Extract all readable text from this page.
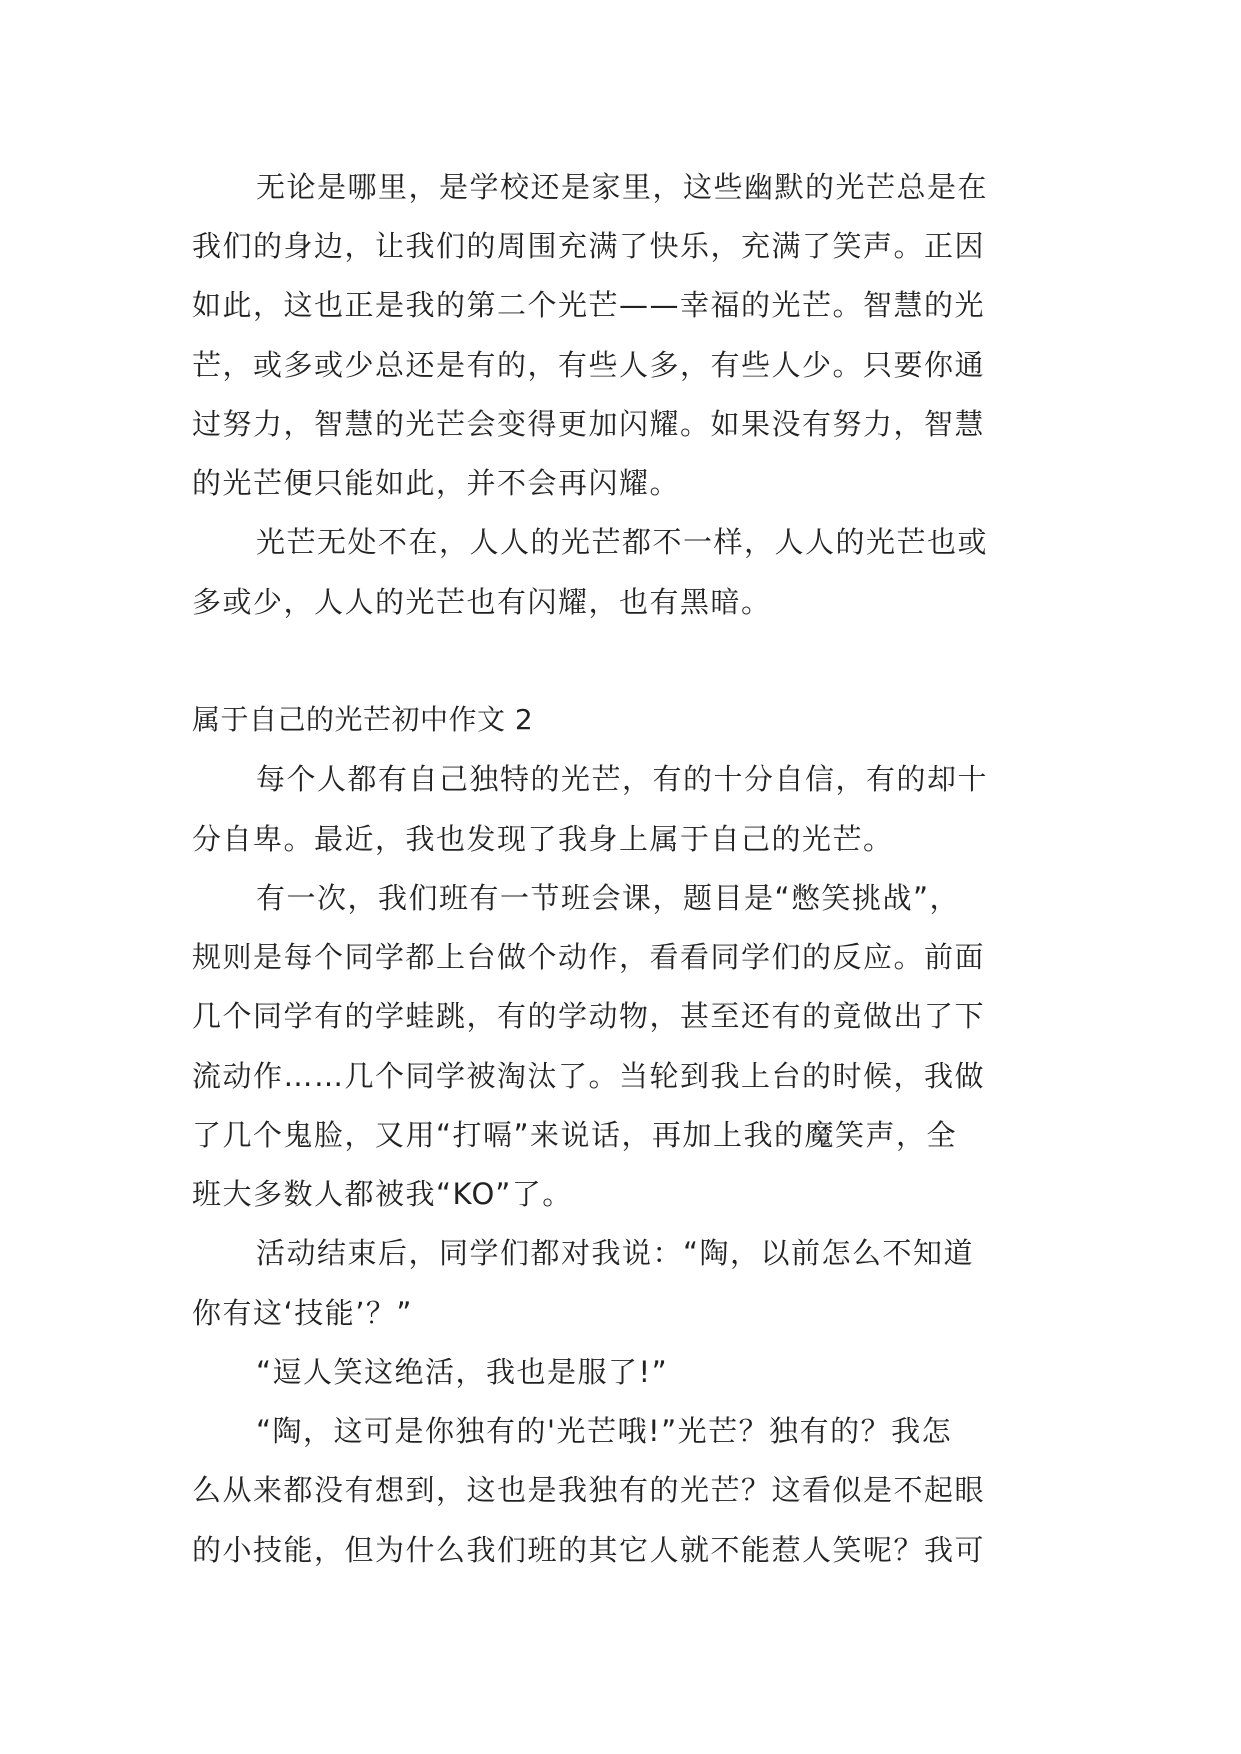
无论是哪里，是学校还是家里，这些幽默的光芒总是在
我们的身边，让我们的周围充满了快乐，充满了笑声。正因
如此，这也正是我的第二个光芒——幸福的光芒。智慧的光
芒，或多或少总还是有的，有些人多，有些人少。只要你通
过努力，智慧的光芒会变得更加闪耀。如果没有努力，智慧
的光芒便只能如此，并不会再闪耀。
光芒无处不在，人人的光芒都不一样，人人的光芒也或
多或少，人人的光芒也有闪耀，也有黑暗。
属于自己的光芒初中作文 2
每个人都有自己独特的光芒，有的十分自信，有的却十
分自卑。最近，我也发现了我身上属于自己的光芒。
有一次，我们班有一节班会课，题目是“憋笑挑战”，
规则是每个同学都上台做个动作，看看同学们的反应。前面
几个同学有的学蛙跳，有的学动物，甚至还有的竟做出了下
流动作……几个同学被淘汰了。当轮到我上台的时候，我做
了几个鬼脸，又用“打嗝”来说话，再加上我的魔笑声，全
班大多数人都被我“KO”了。
活动结束后，同学们都对我说：“陶，以前怎么不知道
你有这‘技能’？”
“逗人笑这绝活，我也是服了!”
“陶，这可是你独有的'光芒哦!”光芒？独有的？我怎
么从来都没有想到，这也是我独有的光芒？这看似是不起眼
的小技能，但为什么我们班的其它人就不能惹人笑呢？我可
